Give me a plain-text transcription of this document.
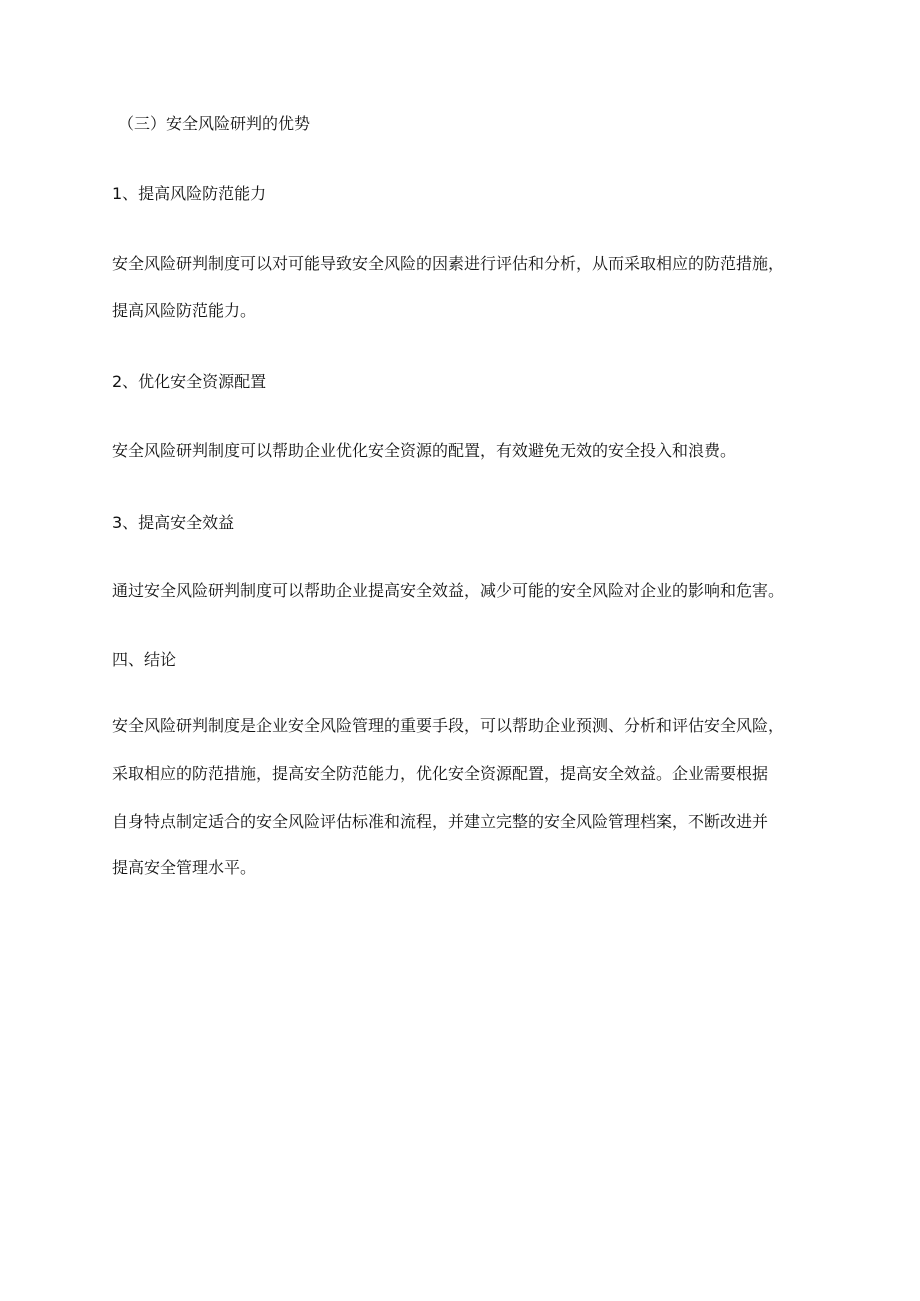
（三）安全风险研判的优势
1、提高风险防范能力
安全风险研判制度可以对可能导致安全风险的因素进行评估和分析，从而采取相应的防范措施，
提高风险防范能力。
2、优化安全资源配置
安全风险研判制度可以帮助企业优化安全资源的配置，有效避免无效的安全投入和浪费。
3、提高安全效益
通过安全风险研判制度可以帮助企业提高安全效益，减少可能的安全风险对企业的影响和危害。
四、结论
安全风险研判制度是企业安全风险管理的重要手段，可以帮助企业预测、分析和评估安全风险，
采取相应的防范措施，提高安全防范能力，优化安全资源配置，提高安全效益。企业需要根据
自身特点制定适合的安全风险评估标准和流程，并建立完整的安全风险管理档案，不断改进并
提高安全管理水平。
